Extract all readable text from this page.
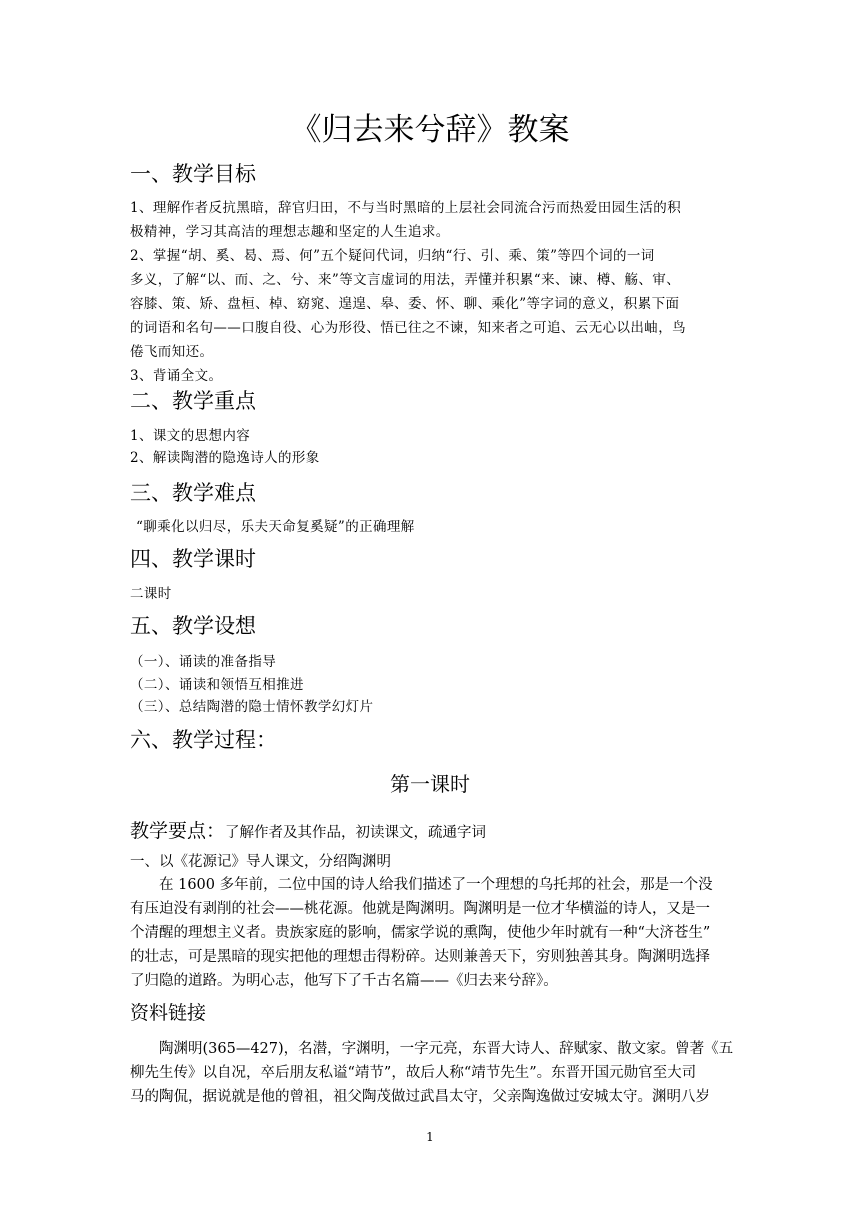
《归去来兮辞》教案
一、教学目标
1、理解作者反抗黑暗，辞官归田，不与当时黑暗的上层社会同流合污而热爱田园生活的积
极精神，学习其高洁的理想志趣和坚定的人生追求。
2、掌握“胡、奚、曷、焉、何”五个疑问代词，归纳“行、引、乘、策”等四个词的一词
多义，了解“以、而、之、兮、来”等文言虚词的用法，弄懂并积累“来、谏、樽、觞、审、
容膝、策、矫、盘桓、棹、窈窕、遑遑、皋、委、怀、聊、乘化”等字词的意义，积累下面
的词语和名句——口腹自役、心为形役、悟已往之不谏，知来者之可追、云无心以出岫，鸟
倦飞而知还。
3、背诵全文。
二、教学重点
1、课文的思想内容
2、解读陶潜的隐逸诗人的形象
三、教学难点
“聊乘化以归尽，乐夫天命复奚疑”的正确理解
四、教学课时
二课时
五、教学设想
（一）、诵读的准备指导
（二）、诵读和领悟互相推进
（三）、总结陶潜的隐士情怀教学幻灯片
六、教学过程：
第一课时
教学要点：了解作者及其作品，初读课文，疏通字词
一、以《花源记》导人课文，分绍陶渊明
　　在 1600 多年前，二位中国的诗人给我们描述了一个理想的乌托邦的社会，那是一个没
有压迫没有剥削的社会——桃花源。他就是陶渊明。陶渊明是一位才华横溢的诗人，又是一
个清醒的理想主义者。贵族家庭的影响，儒家学说的熏陶，使他少年时就有一种“大济苍生”
的壮志，可是黑暗的现实把他的理想击得粉碎。达则兼善天下，穷则独善其身。陶渊明选择
了归隐的道路。为明心志，他写下了千古名篇——《归去来兮辞》。
资料链接
　　陶渊明(365—427)，名潜，字渊明，一字元亮，东晋大诗人、辞赋家、散文家。曾著《五
柳先生传》以自况，卒后朋友私谥“靖节”，故后人称“靖节先生”。东晋开国元勋官至大司
马的陶侃，据说就是他的曾祖，祖父陶茂做过武昌太守，父亲陶逸做过安城太守。渊明八岁
1
